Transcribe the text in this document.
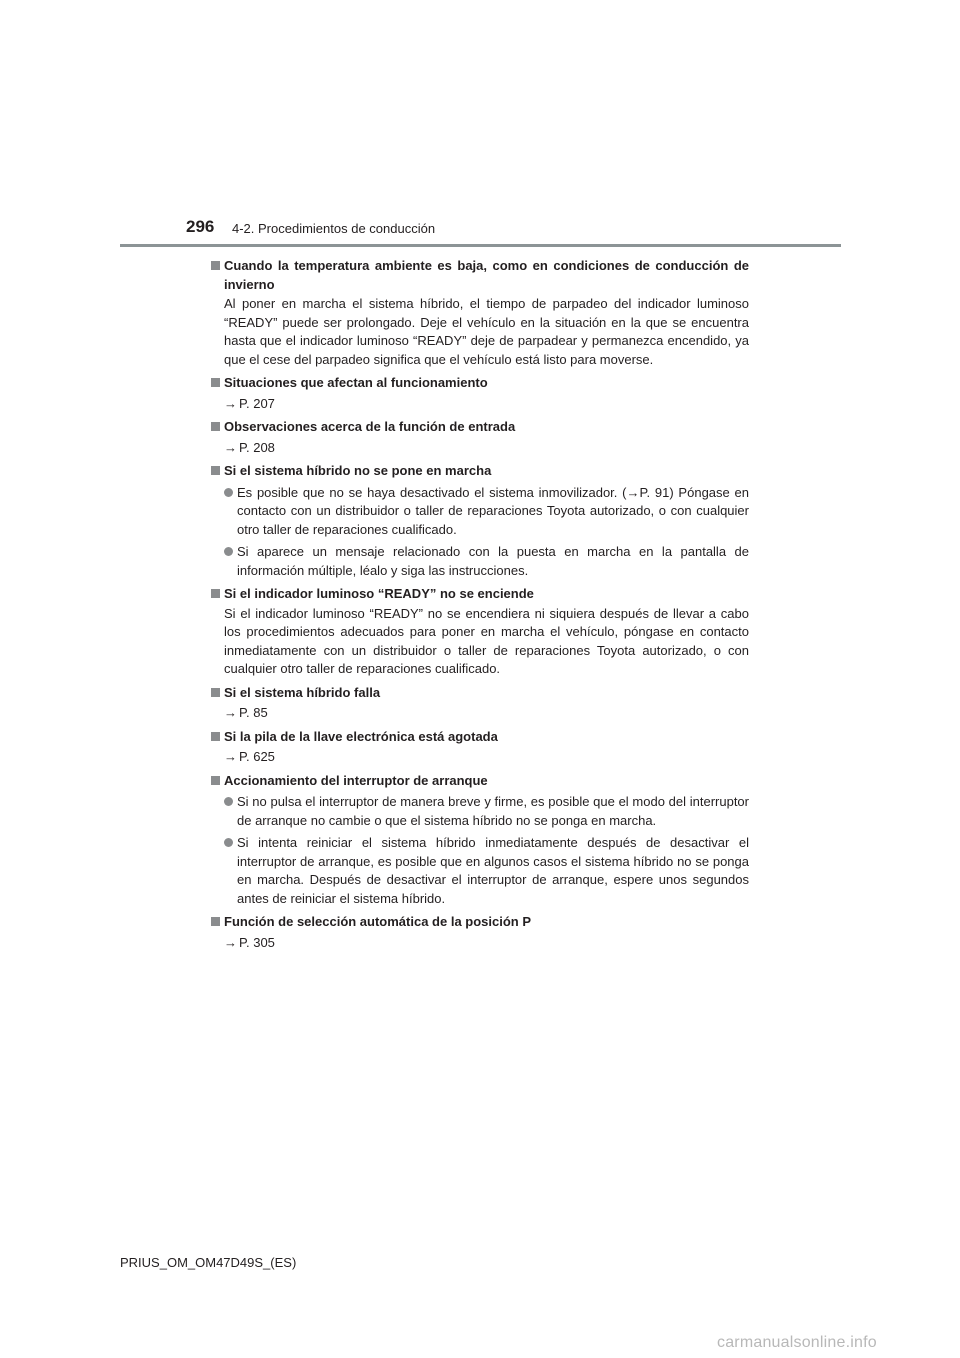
296 4-2. Procedimientos de conducción
Cuando la temperatura ambiente es baja, como en condiciones de conducción de invierno
Al poner en marcha el sistema híbrido, el tiempo de parpadeo del indicador luminoso “READY” puede ser prolongado. Deje el vehículo en la situación en la que se encuentra hasta que el indicador luminoso “READY” deje de parpadear y permanezca encendido, ya que el cese del parpadeo significa que el vehículo está listo para moverse.
Situaciones que afectan al funcionamiento
→ P. 207
Observaciones acerca de la función de entrada
→ P. 208
Si el sistema híbrido no se pone en marcha
Es posible que no se haya desactivado el sistema inmovilizador. (→P. 91) Póngase en contacto con un distribuidor o taller de reparaciones Toyota autorizado, o con cualquier otro taller de reparaciones cualificado.
Si aparece un mensaje relacionado con la puesta en marcha en la pantalla de información múltiple, léalo y siga las instrucciones.
Si el indicador luminoso “READY” no se enciende
Si el indicador luminoso “READY” no se encendiera ni siquiera después de llevar a cabo los procedimientos adecuados para poner en marcha el vehículo, póngase en contacto inmediatamente con un distribuidor o taller de reparaciones Toyota autorizado, o con cualquier otro taller de reparaciones cualificado.
Si el sistema híbrido falla
→ P. 85
Si la pila de la llave electrónica está agotada
→ P. 625
Accionamiento del interruptor de arranque
Si no pulsa el interruptor de manera breve y firme, es posible que el modo del interruptor de arranque no cambie o que el sistema híbrido no se ponga en marcha.
Si intenta reiniciar el sistema híbrido inmediatamente después de desactivar el interruptor de arranque, es posible que en algunos casos el sistema híbrido no se ponga en marcha. Después de desactivar el interruptor de arranque, espere unos segundos antes de reiniciar el sistema híbrido.
Función de selección automática de la posición P
→ P. 305
PRIUS_OM_OM47D49S_(ES)
carmanualsonline.info
